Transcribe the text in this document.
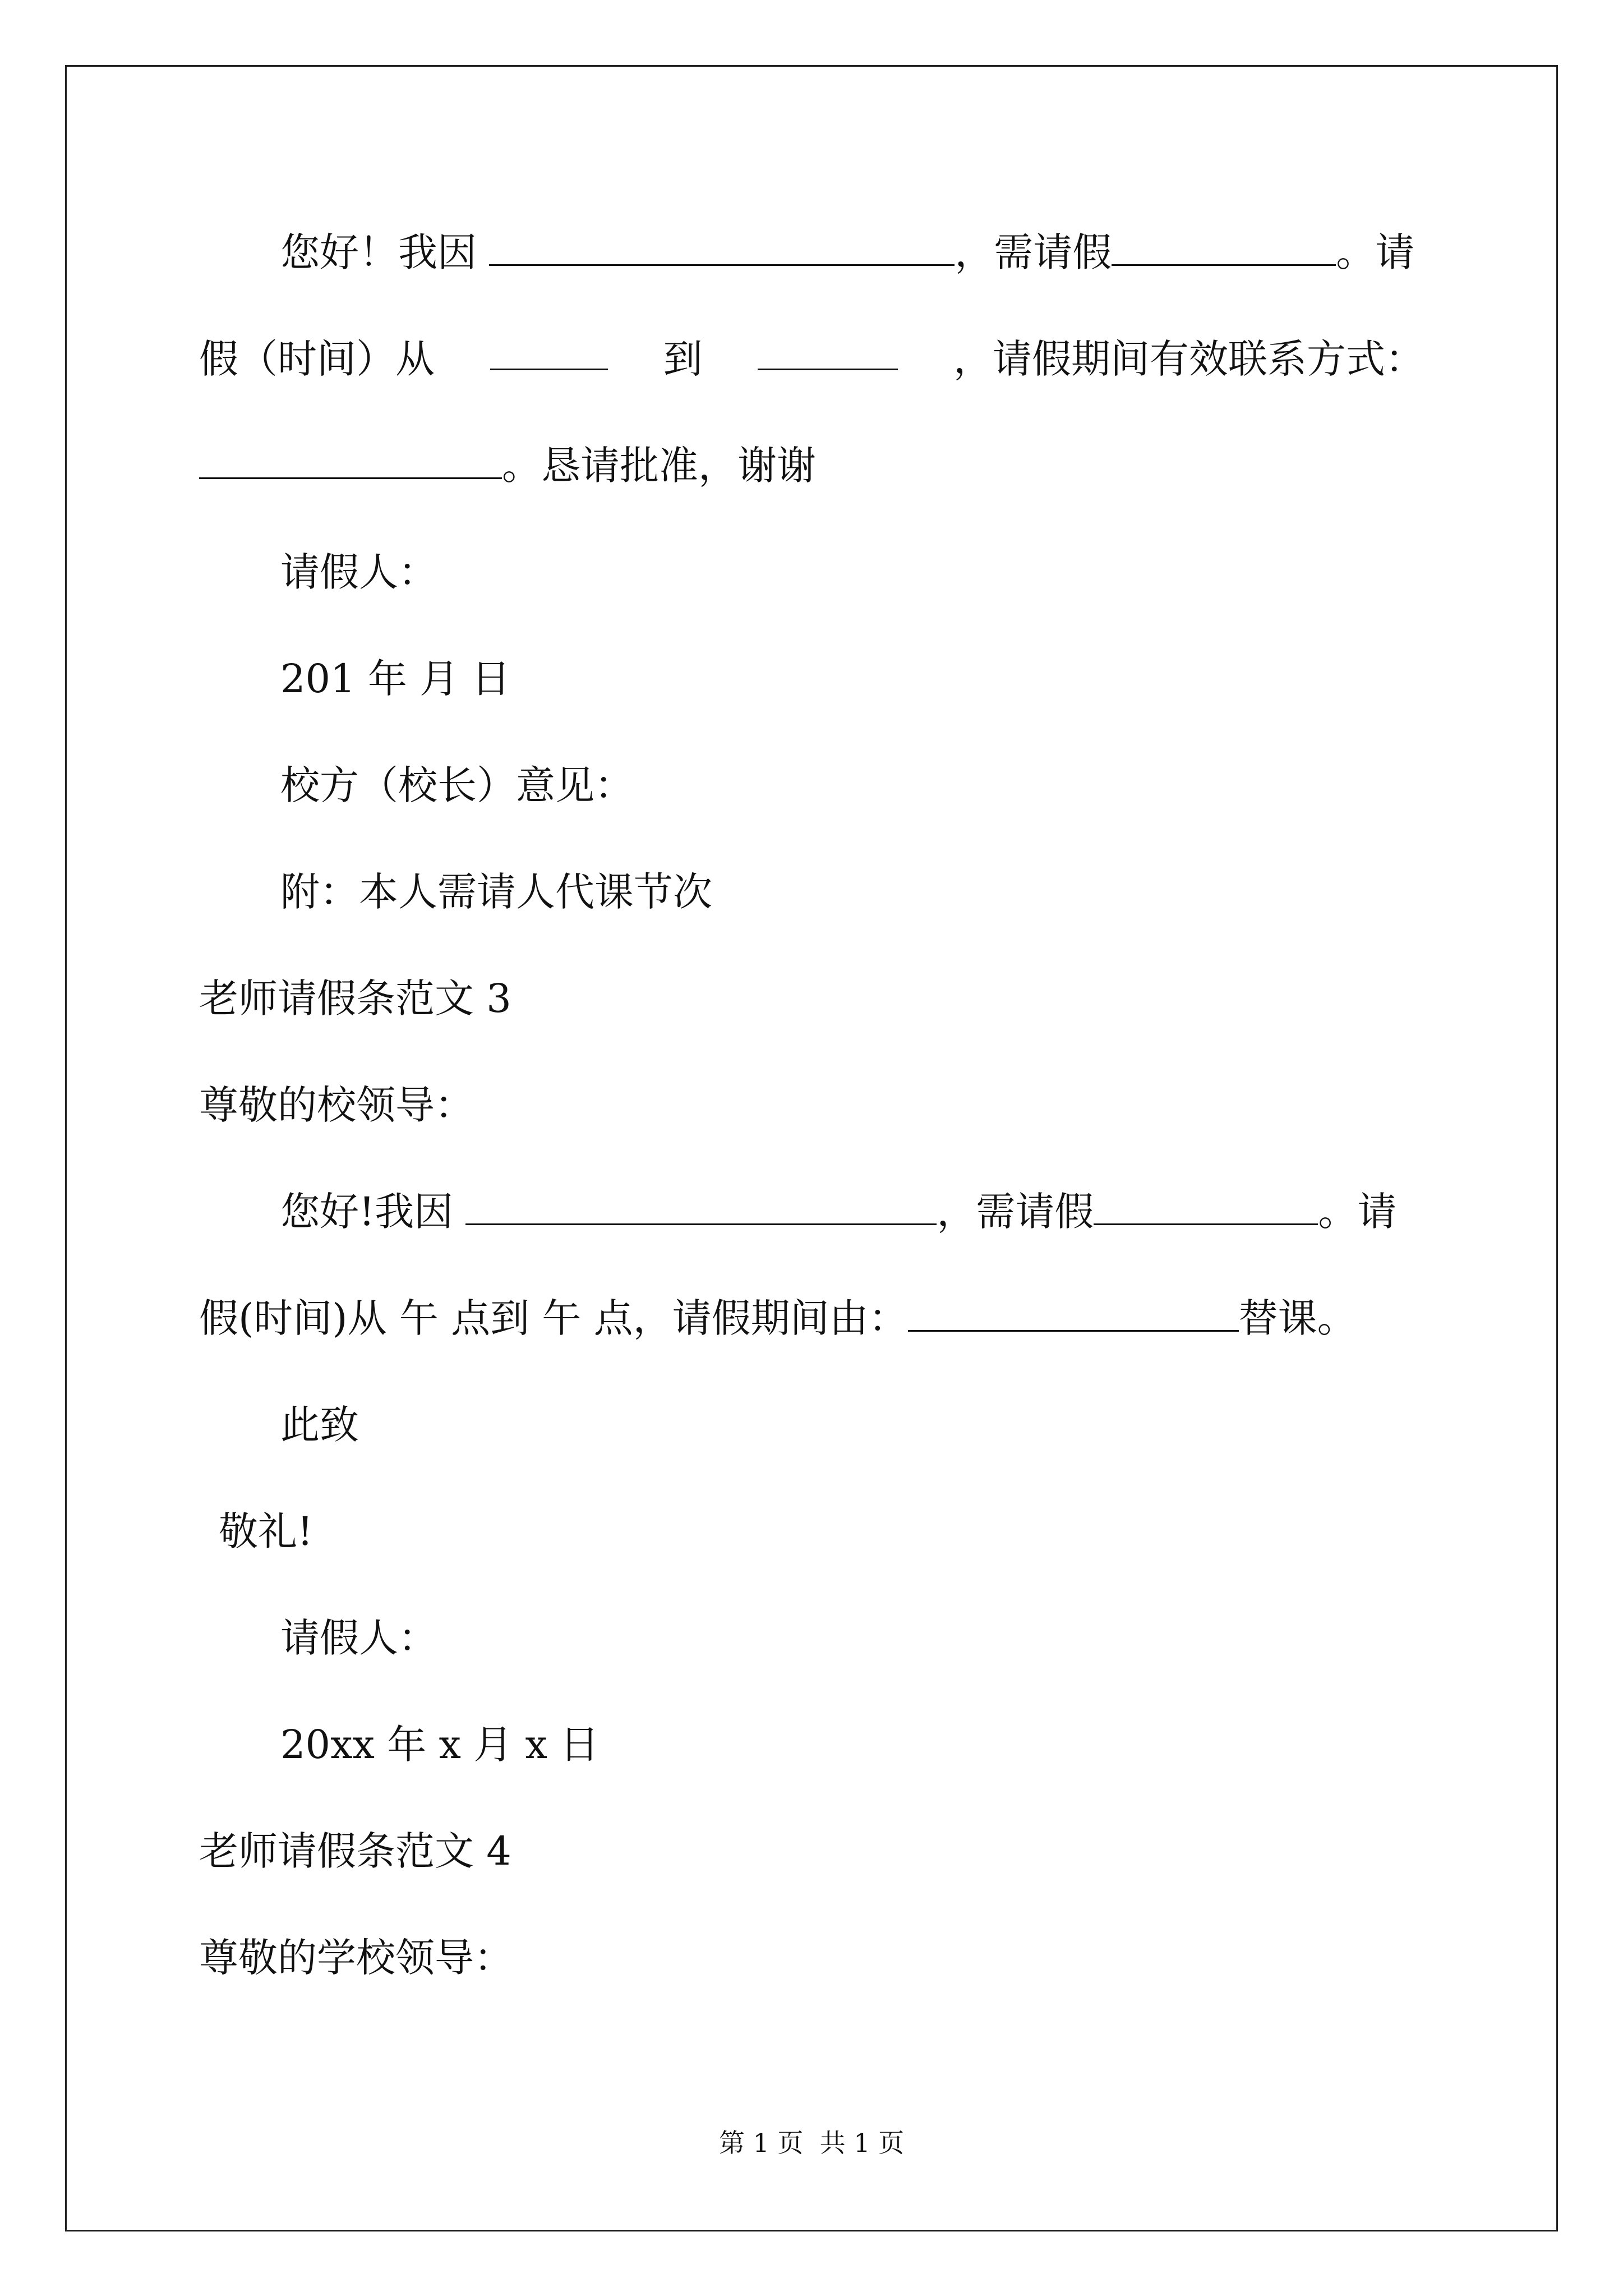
您好！我因	，需请假	。请
假（时间）从	到	，请假期间有效联系方式：
。恳请批准，谢谢
请假人：
201 年 月 日
校方（校长）意见：
附：本人需请人代课节次
老师请假条范文 3
尊敬的校领导：
您好!我因	，需请假	。请
假(时间)从 午 点到 午 点，请假期间由：	替课。
此致
敬礼!
请假人：
20xx 年 x 月 x 日
老师请假条范文 4
尊敬的学校领导：
第 1 页  共 1 页
